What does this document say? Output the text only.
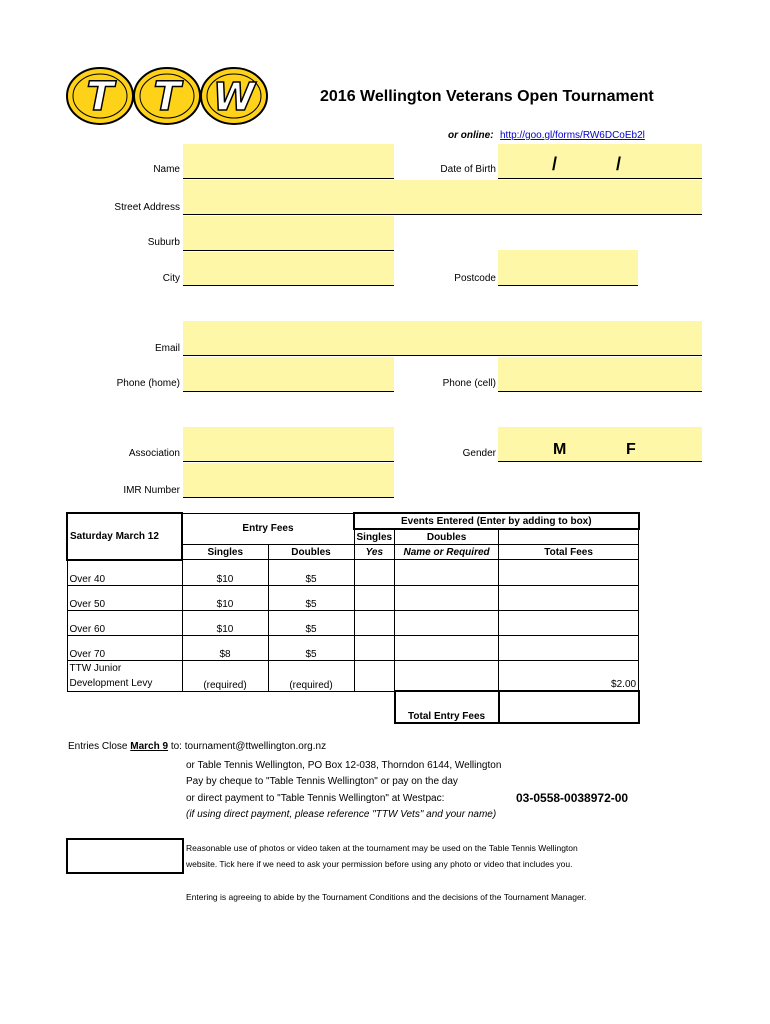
T T W	2016 Wellington Veterans Open Tournament
or online: http://goo.gl/forms/RW6DCoEb2l
Name	Date of Birth	/	/
Street Address
Suburb
City	Postcode
Email
Phone (home)	Phone (cell)
Association	Gender	M	F
IMR Number
Saturday March 12	Entry Fees		Events Entered (Enter by adding to box)		
			Singles	Doubles	
	Singles	Doubles	Yes	Name or Required	Total Fees
Over 40	$10	$5			
Over 50	$10	$5			
Over 60	$10	$5			
Over 70	$8	$5			

TTW Junior
Development Levy	(required)	(required)			$2.00
				Total Entry Fees	
Entries Close March 9 to: tournament@ttwellington.org.nz
or Table Tennis Wellington, PO Box 12-038, Thorndon 6144, Wellington
Pay by cheque to "Table Tennis Wellington" or pay on the day
or direct payment to "Table Tennis Wellington" at Westpac:	03-0558-0038972-00
(if using direct payment, please reference "TTW Vets" and your name)
Reasonable use of photos or video taken at the tournament may be used on the Table Tennis Wellington
website. Tick here if we need to ask your permission before using any photo or video that includes you.
Entering is agreeing to abide by the Tournament Conditions and the decisions of the Tournament Manager.
